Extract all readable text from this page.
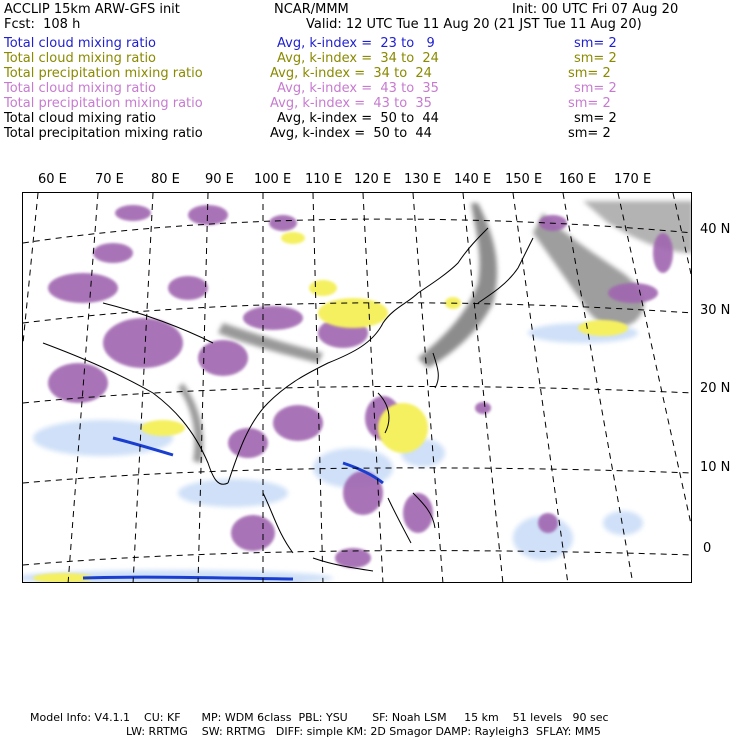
ACCLIP 15km ARW-GFS init	NCAR/MMM	Init: 00 UTC Fri 07 Aug 20
Fcst:  108 h	Valid: 12 UTC Tue 11 Aug 20 (21 JST Tue 11 Aug 20)
Total cloud mixing ratio	Avg, k-index =  23 to   9	sm= 2
Total cloud mixing ratio	Avg, k-index =  34 to  24	sm= 2
Total precipitation mixing ratio	Avg, k-index =  34 to  24	sm= 2
Total cloud mixing ratio	Avg, k-index =  43 to  35	sm= 2
Total precipitation mixing ratio	Avg, k-index =  43 to  35	sm= 2
Total cloud mixing ratio	Avg, k-index =  50 to  44	sm= 2
Total precipitation mixing ratio	Avg, k-index =  50 to  44	sm= 2
60 E 70 E 80 E 90 E 100 E 110 E 120 E 130 E 140 E 150 E 160 E 170 E
40 N
30 N
20 N
10 N
0
Model Info: V4.1.1    CU: KF      MP: WDM 6class  PBL: YSU       SF: Noah LSM     15 km    51 levels   90 sec
LW: RRTMG    SW: RRTMG   DIFF: simple KM: 2D Smagor DAMP: Rayleigh3  SFLAY: MM5
